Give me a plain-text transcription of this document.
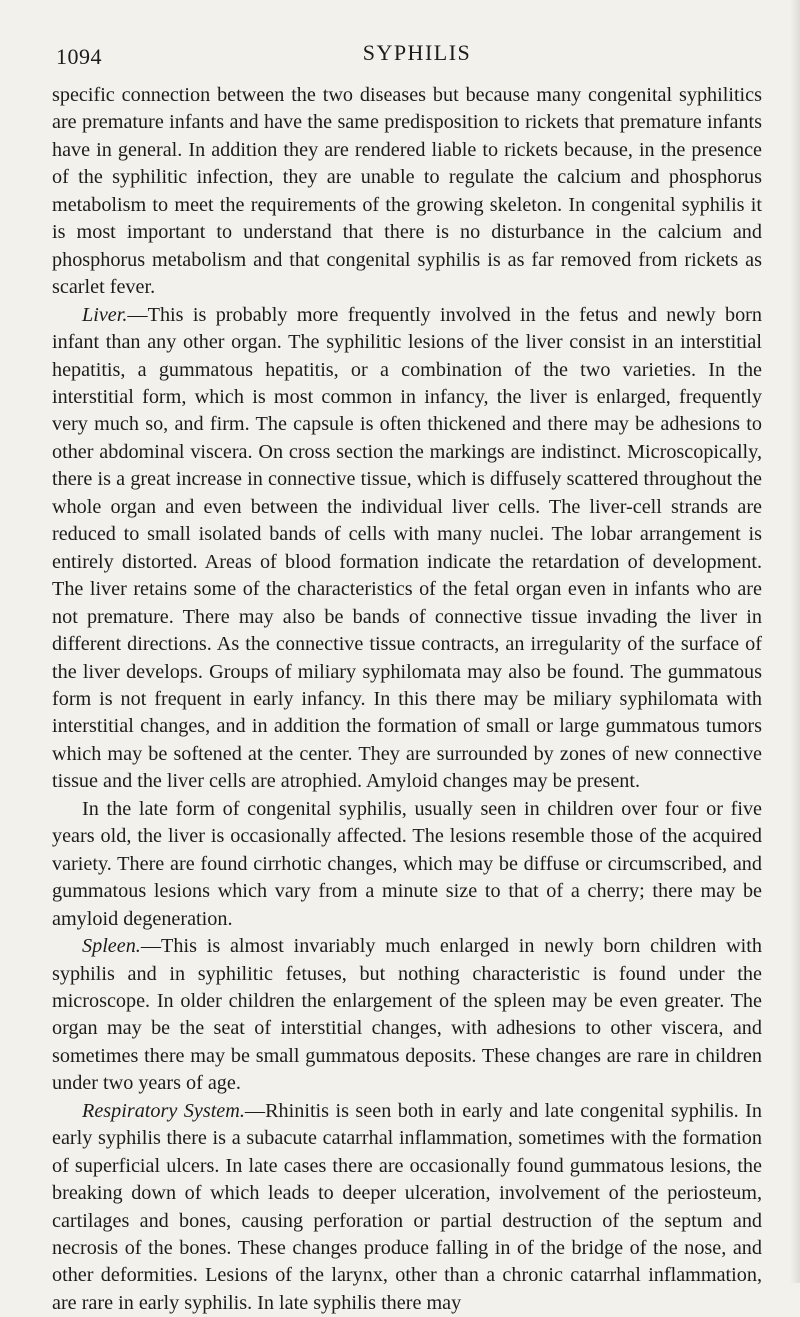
1094	SYPHILIS

specific connection between the two diseases but because many congenital syphilitics are premature infants and have the same predisposition to rickets that premature infants have in general. In addition they are rendered liable to rickets because, in the presence of the syphilitic infection, they are unable to regulate the calcium and phosphorus metabolism to meet the requirements of the growing skeleton. In congenital syphilis it is most important to understand that there is no disturbance in the calcium and phosphorus metabolism and that congenital syphilis is as far removed from rickets as scarlet fever.

Liver.—This is probably more frequently involved in the fetus and newly born infant than any other organ. The syphilitic lesions of the liver consist in an interstitial hepatitis, a gummatous hepatitis, or a combination of the two varieties. In the interstitial form, which is most common in infancy, the liver is enlarged, frequently very much so, and firm. The capsule is often thickened and there may be adhesions to other abdominal viscera. On cross section the markings are indistinct. Microscopically, there is a great increase in connective tissue, which is diffusely scattered throughout the whole organ and even between the individual liver cells. The liver-cell strands are reduced to small isolated bands of cells with many nuclei. The lobar arrangement is entirely distorted. Areas of blood formation indicate the retardation of development. The liver retains some of the characteristics of the fetal organ even in infants who are not premature. There may also be bands of connective tissue invading the liver in different directions. As the connective tissue contracts, an irregularity of the surface of the liver develops. Groups of miliary syphilomata may also be found. The gummatous form is not frequent in early infancy. In this there may be miliary syphilomata with interstitial changes, and in addition the formation of small or large gummatous tumors which may be softened at the center. They are surrounded by zones of new connective tissue and the liver cells are atrophied. Amyloid changes may be present.

In the late form of congenital syphilis, usually seen in children over four or five years old, the liver is occasionally affected. The lesions resemble those of the acquired variety. There are found cirrhotic changes, which may be diffuse or circumscribed, and gummatous lesions which vary from a minute size to that of a cherry; there may be amyloid degeneration.

Spleen.—This is almost invariably much enlarged in newly born children with syphilis and in syphilitic fetuses, but nothing characteristic is found under the microscope. In older children the enlargement of the spleen may be even greater. The organ may be the seat of interstitial changes, with adhesions to other viscera, and sometimes there may be small gummatous deposits. These changes are rare in children under two years of age.

Respiratory System.—Rhinitis is seen both in early and late congenital syphilis. In early syphilis there is a subacute catarrhal inflammation, sometimes with the formation of superficial ulcers. In late cases there are occasionally found gummatous lesions, the breaking down of which leads to deeper ulceration, involvement of the periosteum, cartilages and bones, causing perforation or partial destruction of the septum and necrosis of the bones. These changes produce falling in of the bridge of the nose, and other deformities. Lesions of the larynx, other than a chronic catarrhal inflammation, are rare in early syphilis. In late syphilis there may
